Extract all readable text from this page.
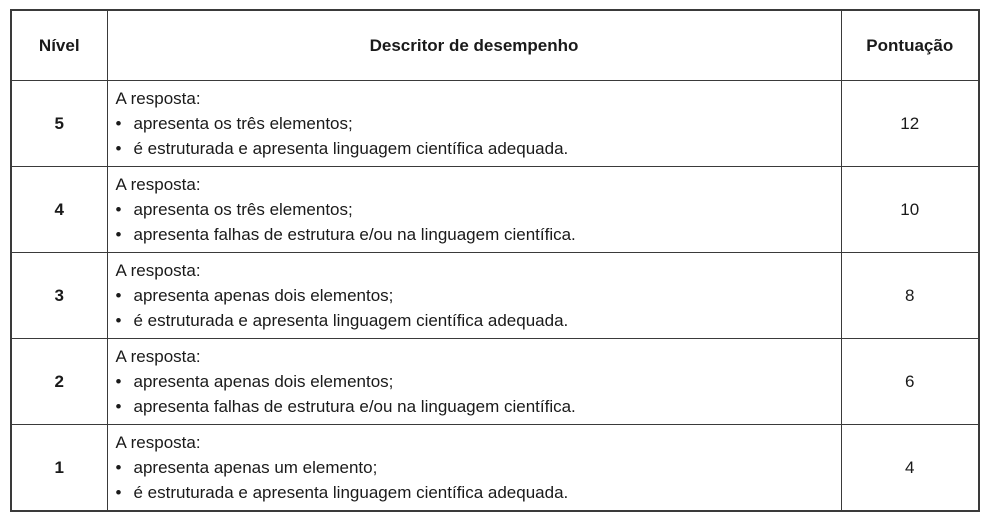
Nível	Descritor de desempenho	Pontuação
5	A resposta:
• apresenta os três elementos;
• é estruturada e apresenta linguagem científica adequada.	12
4	A resposta:
• apresenta os três elementos;
• apresenta falhas de estrutura e/ou na linguagem científica.	10
3	A resposta:
• apresenta apenas dois elementos;
• é estruturada e apresenta linguagem científica adequada.	8
2	A resposta:
• apresenta apenas dois elementos;
• apresenta falhas de estrutura e/ou na linguagem científica.	6
1	A resposta:
• apresenta apenas um elemento;
• é estruturada e apresenta linguagem científica adequada.	4
